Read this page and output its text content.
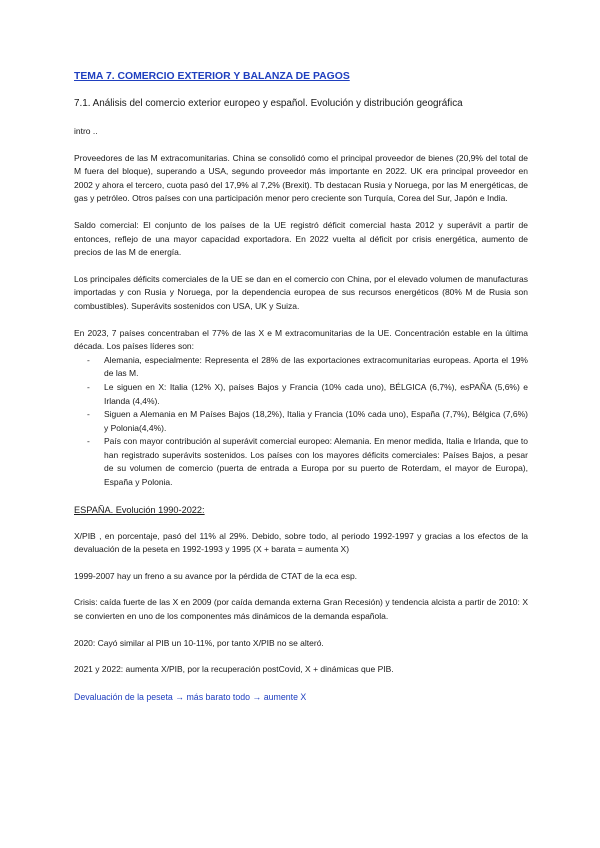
TEMA 7. COMERCIO EXTERIOR Y BALANZA DE PAGOS
7.1. Análisis del comercio exterior europeo y español. Evolución y distribución geográfica

intro ..

Proveedores de las M extracomunitarias. China se consolidó como el principal proveedor de bienes (20,9% del total de M fuera del bloque), superando a USA, segundo proveedor más importante en 2022. UK era principal proveedor en 2002 y ahora el tercero, cuota pasó del 17,9% al 7,2% (Brexit). Tb destacan Rusia y Noruega, por las M energéticas, de gas y petróleo. Otros países con una participación menor pero creciente son Turquía, Corea del Sur, Japón e India.

Saldo comercial: El conjunto de los países de la UE registró déficit comercial hasta 2012 y superávit a partir de entonces, reflejo de una mayor capacidad exportadora. En 2022 vuelta al déficit por crisis energética, aumento de precios de las M de energía.

Los principales déficits comerciales de la UE se dan en el comercio con China, por el elevado volumen de manufacturas importadas y con Rusia y Noruega, por la dependencia europea de sus recursos energéticos (80% M de Rusia son combustibles). Superávits sostenidos con USA, UK y Suiza.

En 2023, 7 países concentraban el 77% de las X e M extracomunitarias de la UE. Concentración estable en la última década. Los países líderes son:

- Alemania, especialmente: Representa el 28% de las exportaciones extracomunitarias europeas. Aporta el 19% de las M.
- Le siguen en X: Italia (12% X), países Bajos y Francia (10% cada uno), BÉLGICA (6,7%), esPAÑA (5,6%) e Irlanda (4,4%).
- Siguen a Alemania en M Países Bajos (18,2%), Italia y Francia (10% cada uno), España (7,7%), Bélgica (7,6%) y Polonia(4,4%).
- País con mayor contribución al superávit comercial europeo: Alemania. En menor medida, Italia e Irlanda, que to han registrado superávits sostenidos. Los países con los mayores déficits comerciales: Países Bajos, a pesar de su volumen de comercio (puerta de entrada a Europa por su puerto de Roterdam, el mayor de Europa), España y Polonia.
ESPAÑA. Evolución 1990-2022:

X/PIB , en porcentaje, pasó del 11% al 29%. Debido, sobre todo, al periodo 1992-1997 y gracias a los efectos de la devaluación de la peseta en 1992-1993 y 1995 (X + barata = aumenta X)

1999-2007 hay un freno a su avance por la pérdida de CTAT de la eca esp.

Crisis: caída fuerte de las X en 2009 (por caída demanda externa Gran Recesión) y tendencia alcista a partir de 2010: X se convierten en uno de los componentes más dinámicos de la demanda española.

2020: Cayó similar al PIB un 10-11%, por tanto X/PIB no se alteró.

2021 y 2022: aumenta X/PIB, por la recuperación postCovid, X + dinámicas que PIB.

Devaluación de la peseta → más barato todo → aumente X
